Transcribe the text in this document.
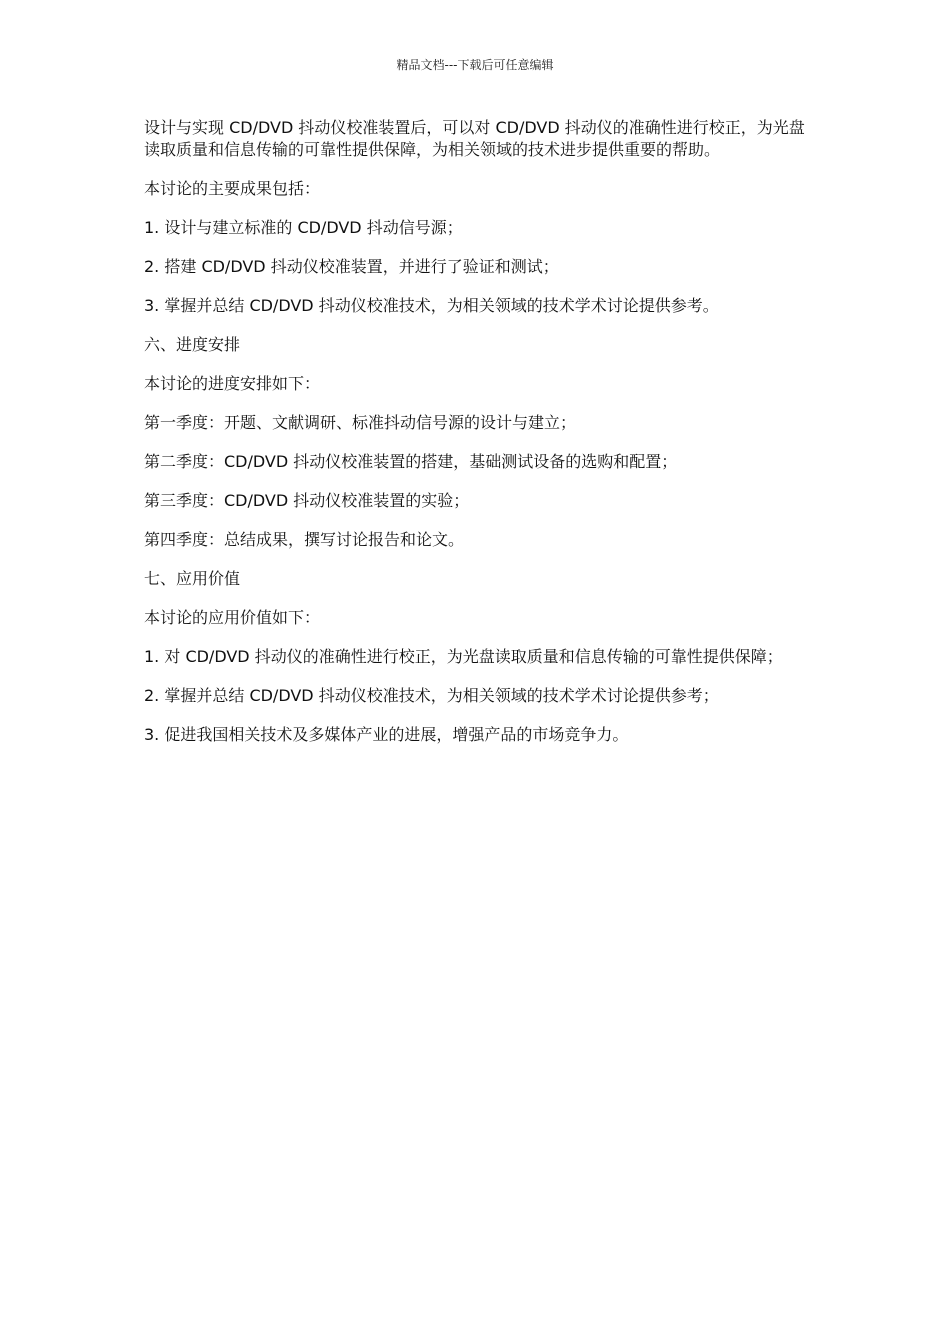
精品文档---下载后可任意编辑

设计与实现 CD/DVD 抖动仪校准装置后，可以对 CD/DVD 抖动仪的准确性进行校正，为光盘读取质量和信息传输的可靠性提供保障，为相关领域的技术进步提供重要的帮助。

本讨论的主要成果包括：

1. 设计与建立标准的 CD/DVD 抖动信号源；

2. 搭建 CD/DVD 抖动仪校准装置，并进行了验证和测试；

3. 掌握并总结 CD/DVD 抖动仪校准技术，为相关领域的技术学术讨论提供参考。

六、进度安排

本讨论的进度安排如下：

第一季度：开题、文献调研、标准抖动信号源的设计与建立；

第二季度：CD/DVD 抖动仪校准装置的搭建，基础测试设备的选购和配置；

第三季度：CD/DVD 抖动仪校准装置的实验；

第四季度：总结成果，撰写讨论报告和论文。

七、应用价值

本讨论的应用价值如下：

1. 对 CD/DVD 抖动仪的准确性进行校正，为光盘读取质量和信息传输的可靠性提供保障；

2. 掌握并总结 CD/DVD 抖动仪校准技术，为相关领域的技术学术讨论提供参考；

3. 促进我国相关技术及多媒体产业的进展，增强产品的市场竞争力。
